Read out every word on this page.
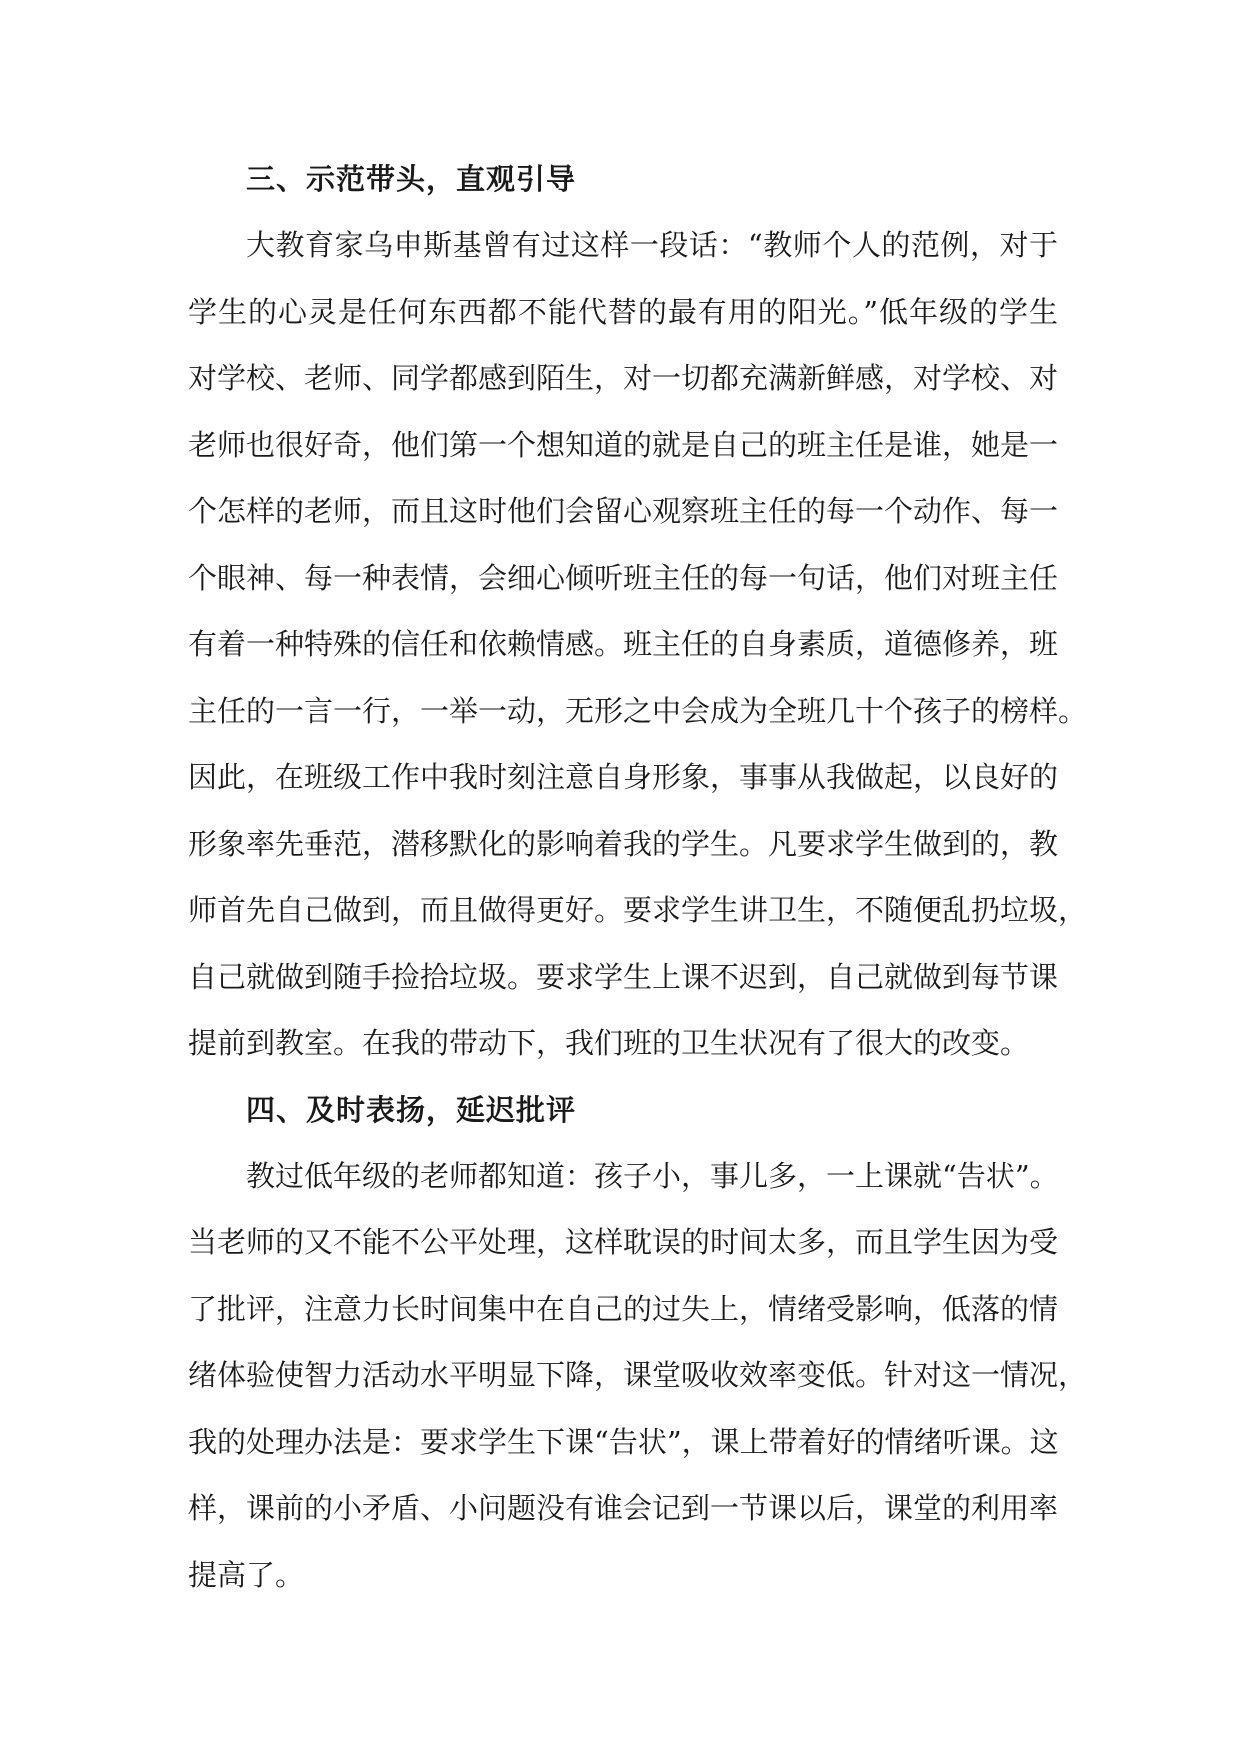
三、示范带头，直观引导

大教育家乌申斯基曾有过这样一段话：“教师个人的范例，对于
学生的心灵是任何东西都不能代替的最有用的阳光。”低年级的学生
对学校、老师、同学都感到陌生，对一切都充满新鲜感，对学校、对
老师也很好奇，他们第一个想知道的就是自己的班主任是谁，她是一
个怎样的老师，而且这时他们会留心观察班主任的每一个动作、每一
个眼神、每一种表情，会细心倾听班主任的每一句话，他们对班主任
有着一种特殊的信任和依赖情感。班主任的自身素质，道德修养，班
主任的一言一行，一举一动，无形之中会成为全班几十个孩子的榜样。
因此，在班级工作中我时刻注意自身形象，事事从我做起，以良好的
形象率先垂范，潜移默化的影响着我的学生。凡要求学生做到的，教
师首先自己做到，而且做得更好。要求学生讲卫生，不随便乱扔垃圾，
自己就做到随手捡拾垃圾。要求学生上课不迟到，自己就做到每节课
提前到教室。在我的带动下，我们班的卫生状况有了很大的改变。

四、及时表扬，延迟批评

教过低年级的老师都知道：孩子小，事儿多，一上课就“告状”。
当老师的又不能不公平处理，这样耽误的时间太多，而且学生因为受
了批评，注意力长时间集中在自己的过失上，情绪受影响，低落的情
绪体验使智力活动水平明显下降，课堂吸收效率变低。针对这一情况，
我的处理办法是：要求学生下课“告状”，课上带着好的情绪听课。这
样，课前的小矛盾、小问题没有谁会记到一节课以后，课堂的利用率
提高了。
